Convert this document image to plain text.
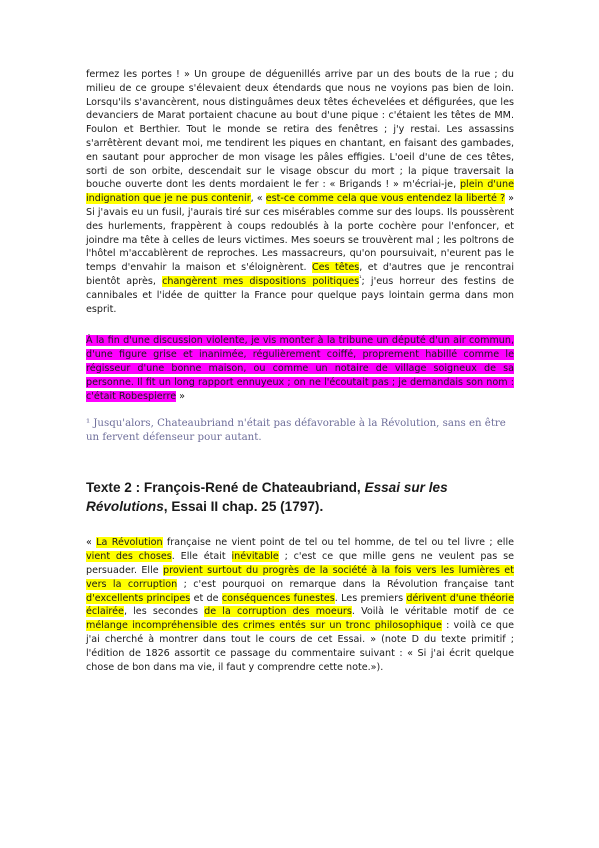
fermez les portes ! » Un groupe de déguenillés arrive par un des bouts de la rue ; du milieu de ce groupe s'élevaient deux étendards que nous ne voyions pas bien de loin. Lorsqu'ils s'avancèrent, nous distinguâmes deux têtes échevelées et défigurées, que les devanciers de Marat portaient chacune au bout d'une pique : c'étaient les têtes de MM. Foulon et Berthier. Tout le monde se retira des fenêtres ; j'y restai. Les assassins s'arrêtèrent devant moi, me tendirent les piques en chantant, en faisant des gambades, en sautant pour approcher de mon visage les pâles effigies. L'oeil d'une de ces têtes, sorti de son orbite, descendait sur le visage obscur du mort ; la pique traversait la bouche ouverte dont les dents mordaient le fer : « Brigands ! » m'écriai-je, plein d'une indignation que je ne pus contenir, « est-ce comme cela que vous entendez la liberté ? » Si j'avais eu un fusil, j'aurais tiré sur ces misérables comme sur des loups. Ils poussèrent des hurlements, frappèrent à coups redoublés à la porte cochère pour l'enfoncer, et joindre ma tête à celles de leurs victimes. Mes soeurs se trouvèrent mal ; les poltrons de l'hôtel m'accablèrent de reproches. Les massacreurs, qu'on poursuivait, n'eurent pas le temps d'envahir la maison et s'éloignèrent. Ces têtes, et d'autres que je rencontrai bientôt après, changèrent mes dispositions politiques$^{^1}$; j'eus horreur des festins de cannibales et l'idée de quitter la France pour quelque pays lointain germa dans mon esprit.

À la fin d'une discussion violente, je vis monter à la tribune un député d'un air commun, d'une figure grise et inanimée, régulièrement coiffé, proprement habillé comme le régisseur d'une bonne maison, ou comme un notaire de village soigneux de sa personne. Il fit un long rapport ennuyeux ; on ne l'écoutait pas ; je demandais son nom : c'était Robespierre »

¹ Jusqu'alors, Chateaubriand n'était pas défavorable à la Révolution, sans en être un fervent défenseur pour autant.

Texte 2 : François-René de Chateaubriand, Essai sur les Révolutions, Essai II chap. 25 (1797).

« La Révolution française ne vient point de tel ou tel homme, de tel ou tel livre ; elle vient des choses. Elle était inévitable ; c'est ce que mille gens ne veulent pas se persuader. Elle provient surtout du progrès de la société à la fois vers les lumières et vers la corruption ; c'est pourquoi on remarque dans la Révolution française tant d'excellents principes et de conséquences funestes. Les premiers dérivent d'une théorie éclairée, les secondes de la corruption des moeurs. Voilà le véritable motif de ce mélange incompréhensible des crimes entés sur un tronc philosophique : voilà ce que j'ai cherché à montrer dans tout le cours de cet Essai. » (note D du texte primitif ; l'édition de 1826 assortit ce passage du commentaire suivant : « Si j'ai écrit quelque chose de bon dans ma vie, il faut y comprendre cette note.»).
